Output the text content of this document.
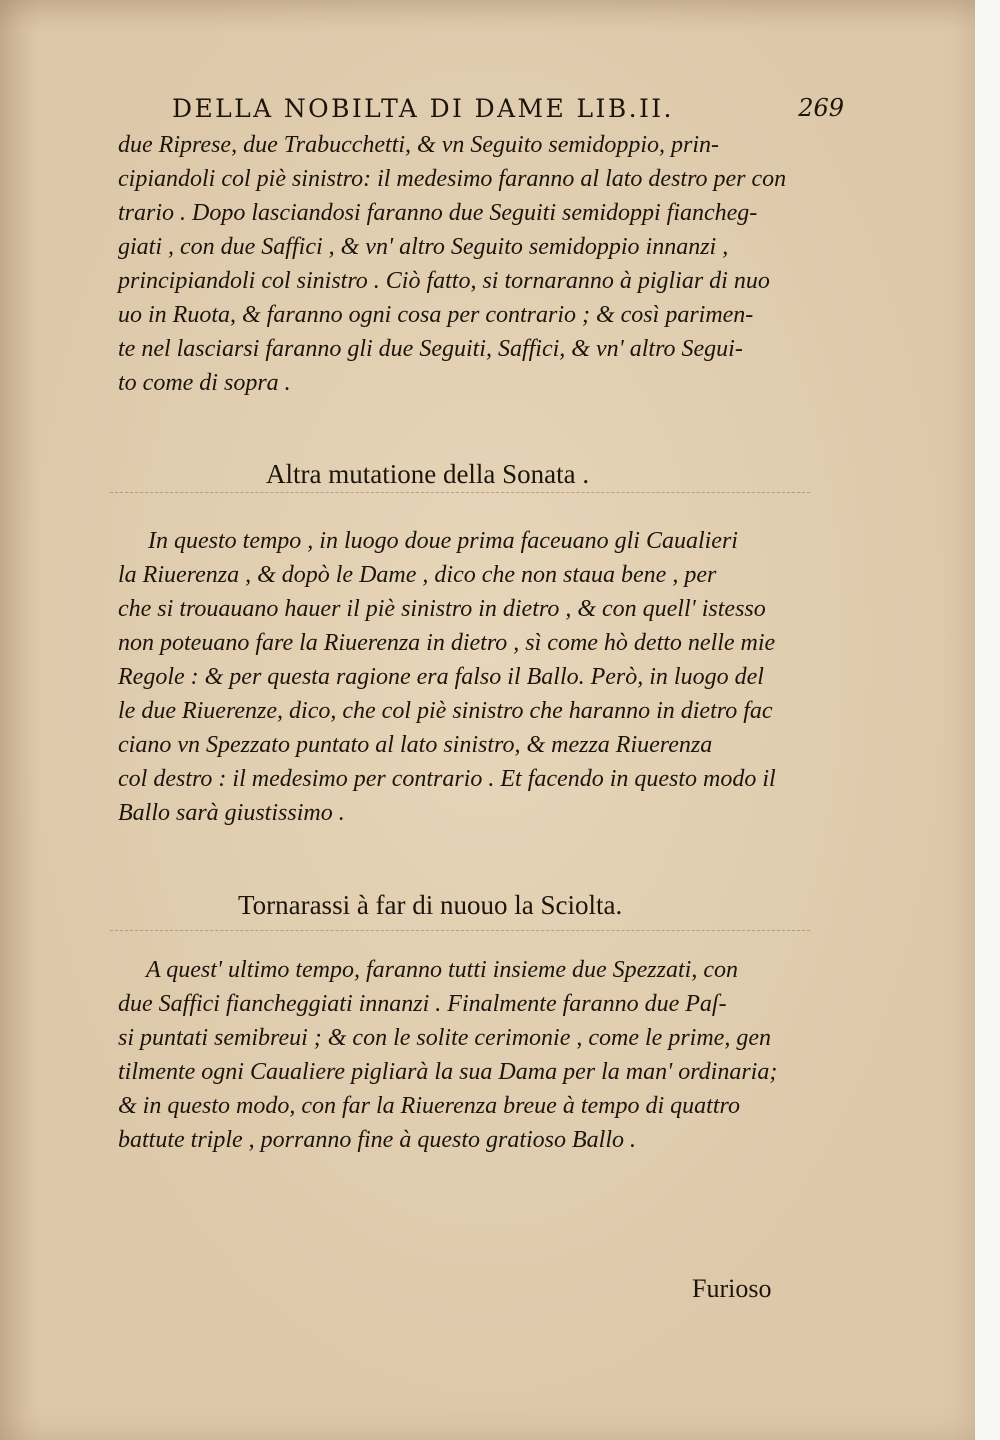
DELLA NOBILTA DI DAME LIB.II.	269
due Riprese, due Trabucchetti, & vn Seguito semidoppio, prin-
cipiandoli col piè sinistro: il medesimo faranno al lato destro per con
trario . Dopo lasciandosi faranno due Seguiti semidoppi fiancheg-
giati , con due Saffici , & vn' altro Seguito semidoppio innanzi ,
principiandoli col sinistro . Ciò fatto, si tornaranno à pigliar di nuo
uo in Ruota, & faranno ogni cosa per contrario ; & così parimen-
te nel lasciarsi faranno gli due Seguiti, Saffici, & vn' altro Segui-
to come di sopra .
Altra mutatione della Sonata .
In questo tempo , in luogo doue prima faceuano gli Caualieri
la Riuerenza , & dopò le Dame , dico che non staua bene , per
che si trouauano hauer il piè sinistro in dietro , & con quell' istesso
non poteuano fare la Riuerenza in dietro , sì come hò detto nelle mie
Regole : & per questa ragione era falso il Ballo. Però, in luogo del
le due Riuerenze, dico, che col piè sinistro che haranno in dietro fac
ciano vn Spezzato puntato al lato sinistro, & mezza Riuerenza
col destro : il medesimo per contrario . Et facendo in questo modo il
Ballo sarà giustissimo .
Tornarassi à far di nuouo la Sciolta.
A quest' ultimo tempo, faranno tutti insieme due Spezzati, con
due Saffici fiancheggiati innanzi . Finalmente faranno due Paſ-
si puntati semibreui ; & con le solite cerimonie , come le prime, gen
tilmente ogni Caualiere pigliarà la sua Dama per la man' ordinaria;
& in questo modo, con far la Riuerenza breue à tempo di quattro
battute triple , porranno fine à questo gratioso Ballo .
Furioso
